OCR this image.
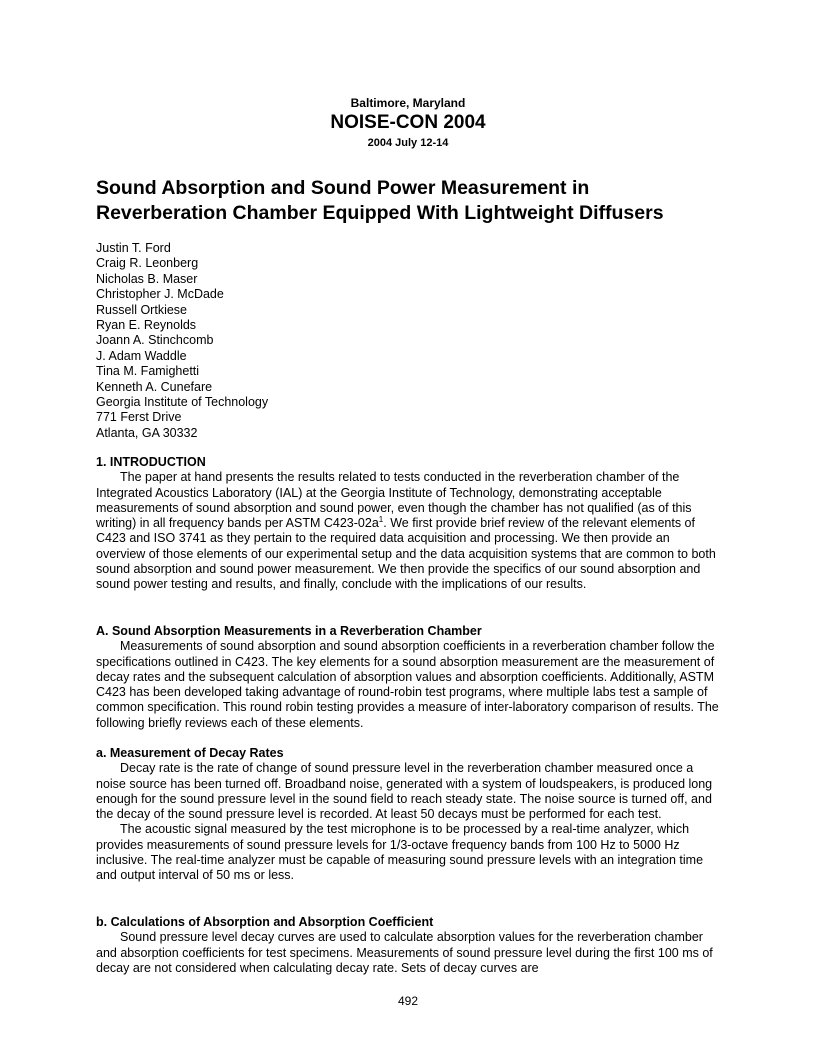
Baltimore, Maryland
NOISE-CON 2004
2004 July 12-14
Sound Absorption and Sound Power Measurement in
Reverberation Chamber Equipped With Lightweight Diffusers
Justin T. Ford
Craig R. Leonberg
Nicholas B. Maser
Christopher J. McDade
Russell Ortkiese
Ryan E. Reynolds
Joann A. Stinchcomb
J. Adam Waddle
Tina M. Famighetti
Kenneth A. Cunefare
Georgia Institute of Technology
771 Ferst Drive
Atlanta, GA 30332
1. INTRODUCTION

The paper at hand presents the results related to tests conducted in the reverberation chamber of the Integrated Acoustics Laboratory (IAL) at the Georgia Institute of Technology, demonstrating acceptable measurements of sound absorption and sound power, even though the chamber has not qualified (as of this writing) in all frequency bands per ASTM $C423-02a^1$. We first provide brief review of the relevant elements of C423 and ISO 3741 as they pertain to the required data acquisition and processing. We then provide an overview of those elements of our experimental setup and the data acquisition systems that are common to both sound absorption and sound power measurement. We then provide the specifics of our sound absorption and sound power testing and results, and finally, conclude with the implications of our results.

A. Sound Absorption Measurements in a Reverberation Chamber

Measurements of sound absorption and sound absorption coefficients in a reverberation chamber follow the specifications outlined in C423. The key elements for a sound absorption measurement are the measurement of decay rates and the subsequent calculation of absorption values and absorption coefficients. Additionally, ASTM C423 has been developed taking advantage of round-robin test programs, where multiple labs test a sample of common specification. This round robin testing provides a measure of inter-laboratory comparison of results. The following briefly reviews each of these elements.

a. Measurement of Decay Rates

Decay rate is the rate of change of sound pressure level in the reverberation chamber measured once a noise source has been turned off. Broadband noise, generated with a system of loudspeakers, is produced long enough for the sound pressure level in the sound field to reach steady state. The noise source is turned off, and the decay of the sound pressure level is recorded. At least 50 decays must be performed for each test.

The acoustic signal measured by the test microphone is to be processed by a real-time analyzer, which provides measurements of sound pressure levels for 1/3-octave frequency bands from 100 Hz to 5000 Hz inclusive. The real-time analyzer must be capable of measuring sound pressure levels with an integration time and output interval of 50 ms or less.

b. Calculations of Absorption and Absorption Coefficient

Sound pressure level decay curves are used to calculate absorption values for the reverberation chamber and absorption coefficients for test specimens. Measurements of sound pressure level during the first 100 ms of decay are not considered when calculating decay rate. Sets of decay curves are

492
